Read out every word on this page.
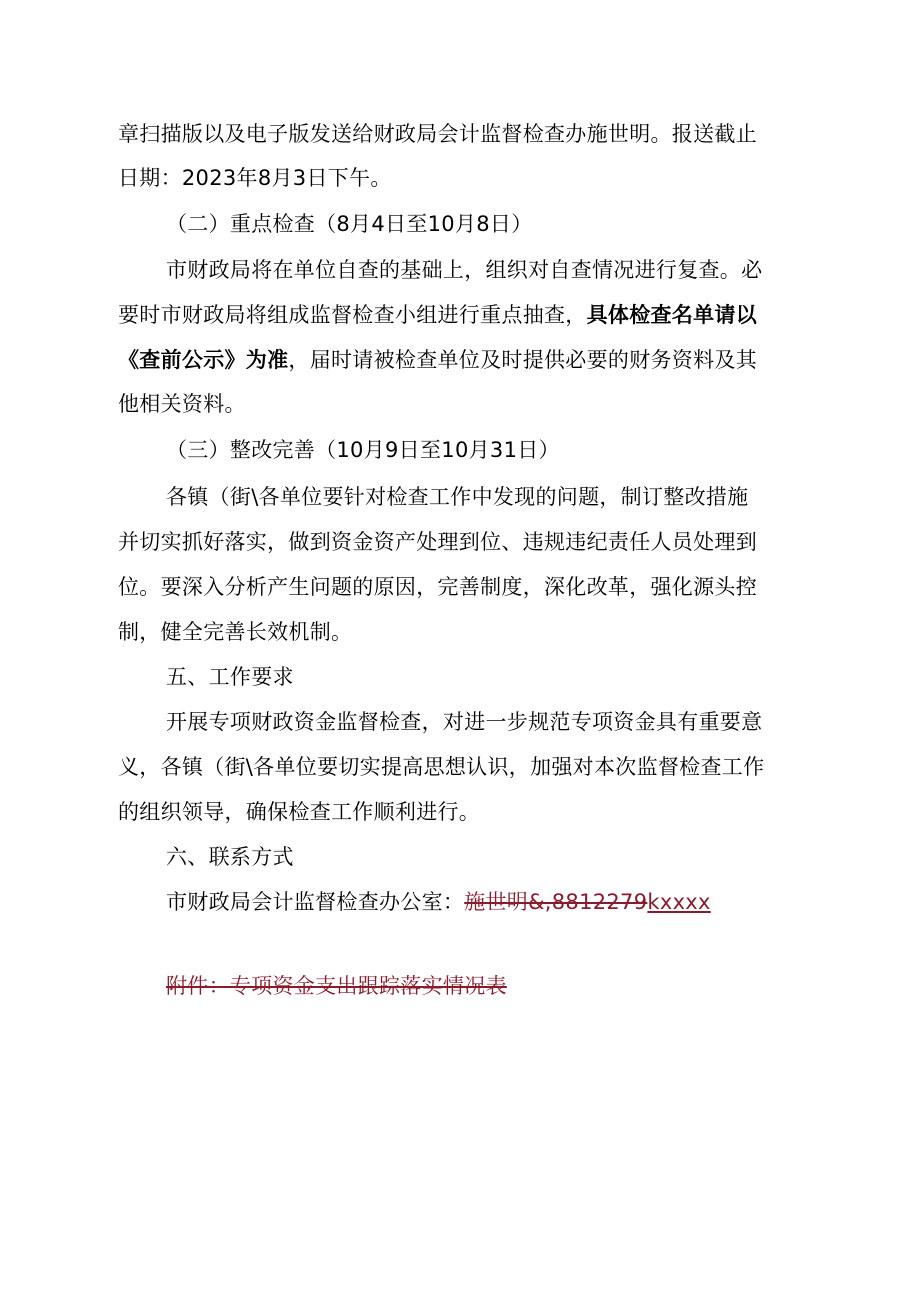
章扫描版以及电子版发送给财政局会计监督检查办施世明。报送截止
日期：2023年8月3日下午。
（二）重点检查（8月4日至10月8日）
市财政局将在单位自查的基础上，组织对自查情况进行复查。必
要时市财政局将组成监督检查小组进行重点抽查，具体检查名单请以
《查前公示》为准，届时请被检查单位及时提供必要的财务资料及其
他相关资料。
（三）整改完善（10月9日至10月31日）
各镇（街\各单位要针对检查工作中发现的问题，制订整改措施
并切实抓好落实，做到资金资产处理到位、违规违纪责任人员处理到
位。要深入分析产生问题的原因，完善制度，深化改革，强化源头控
制，健全完善长效机制。
五、工作要求
开展专项财政资金监督检查，对进一步规范专项资金具有重要意
义，各镇（街\各单位要切实提高思想认识，加强对本次监督检查工作
的组织领导，确保检查工作顺利进行。
六、联系方式
市财政局会计监督检查办公室：施世明&,8812279kxxxx
附件：专项资金支出跟踪落实情况表
